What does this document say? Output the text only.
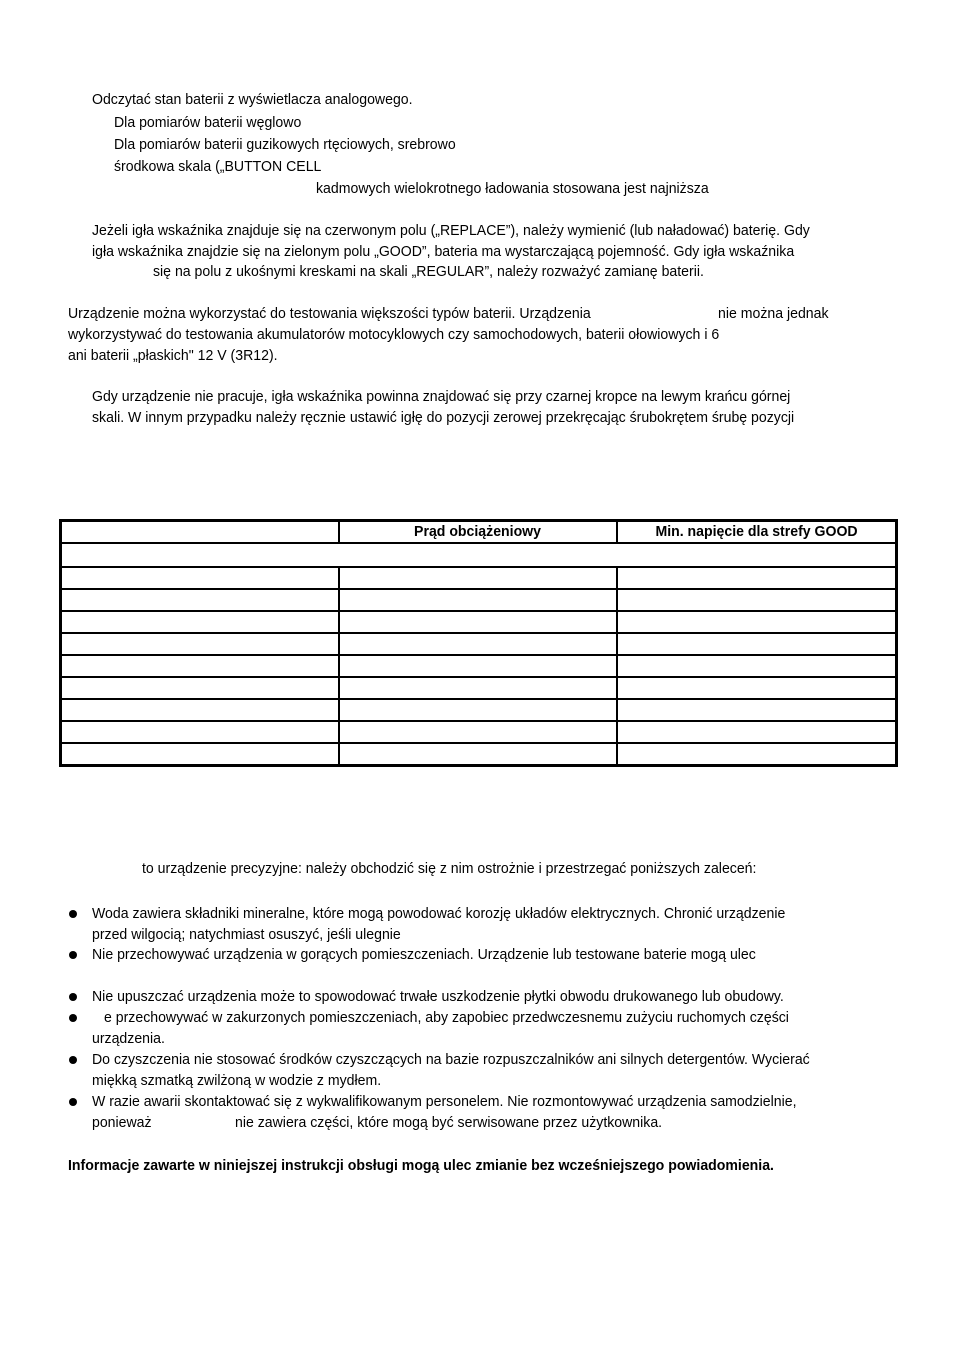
Odczytać stan baterii z wyświetlacza analogowego.
Dla pomiarów baterii węglowo
Dla pomiarów baterii guzikowych rtęciowych, srebrowo
środkowa skala („BUTTON CELL
kadmowych wielokrotnego ładowania stosowana jest najniższa
Jeżeli igła wskaźnika znajduje się na czerwonym polu („REPLACE”), należy wymienić (lub naładować) baterię. Gdy
igła wskaźnika znajdzie się na zielonym polu „GOOD”, bateria ma wystarczającą pojemność. Gdy igła wskaźnika
się na polu z ukośnymi kreskami na skali „REGULAR”, należy rozważyć zamianę baterii.
Urządzenie można wykorzystać do testowania większości typów baterii. Urządzenia	nie można jednak
wykorzystywać do testowania akumulatorów motocyklowych czy samochodowych, baterii ołowiowych i 6
ani baterii „płaskich" 12 V (3R12).
Gdy urządzenie nie pracuje, igła wskaźnika powinna znajdować się przy czarnej kropce na lewym krańcu górnej
skali. W innym przypadku należy ręcznie ustawić igłę do pozycji zerowej przekręcając śrubokrętem śrubę pozycji
	Prąd obciążeniowy	Min. napięcie dla strefy GOOD

to urządzenie precyzyjne: należy obchodzić się z nim ostrożnie i przestrzegać poniższych zaleceń:
Woda zawiera składniki mineralne, które mogą powodować korozję układów elektrycznych. Chronić urządzenie
przed wilgocią; natychmiast osuszyć, jeśli ulegnie
Nie przechowywać urządzenia w gorących pomieszczeniach. Urządzenie lub testowane baterie mogą ulec
Nie upuszczać urządzenia może to spowodować trwałe uszkodzenie płytki obwodu drukowanego lub obudowy.
e przechowywać w zakurzonych pomieszczeniach, aby zapobiec przedwczesnemu zużyciu ruchomych części
urządzenia.
Do czyszczenia nie stosować środków czyszczących na bazie rozpuszczalników ani silnych detergentów. Wycierać
miękką szmatką zwilżoną w wodzie z mydłem.
W razie awarii skontaktować się z wykwalifikowanym personelem. Nie rozmontowywać urządzenia samodzielnie,
ponieważ	nie zawiera części, które mogą być serwisowane przez użytkownika.
Informacje zawarte w niniejszej instrukcji obsługi mogą ulec zmianie bez wcześniejszego powiadomienia.
